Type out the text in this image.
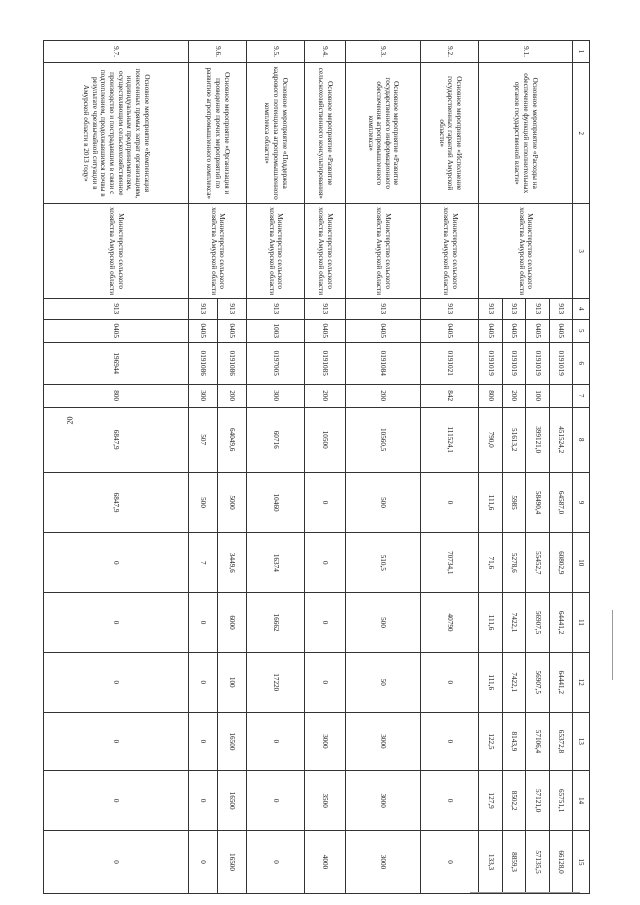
20
1	2	3	4	5	6	7	8	9	10	11	12	13	14	15
9.1.	Основное мероприятие «Расходы на обеспечение функций исполнительных органов государственной власти»	Министерство сельского хозяйства Амурской области	913	0405	0191019		451524,2	64587,0	60802,9	64441,2	64441,2	65372,8	65751,1	66128,0
			913	0405	0191019	100	399121,0	58490,4	55452,7	56907,5	56907,5	57106,4	57121,0	57135,5
			913	0405	0191019	200	51613,2	5985	5278,6	7422,1	7422,1	8143,9	8502,2	8859,3
			913	0405	0191019	800	790,0	111,6	71,6	111,6	111,6	122,5	127,9	133,3
9.2.	Основное мероприятие «Исполнение государственных гарантий Амурской области»	Министерство сельского хозяйства Амурской области	913	0405	0191021	842	111524,1	0	70734,1	40790	0	0	0	0
9.3.	Основное мероприятие «Развитие государственного информационного обеспечения агропромышленного комплекса»	Министерство сельского хозяйства Амурской области	913	0405	0191084	200	10560,5	500	510,5	500	50	3000	3000	3000
9.4.	Основное мероприятие «Развитие сельскохозяйственного консультирования»	Министерство сельского хозяйства Амурской области	913	0405	0191085	200	10500	0	0	0	0	3000	3500	4000
9.5.	Основное мероприятие «Поддержка кадрового потенциала агропромышленного комплекса области»	Министерство сельского хозяйства Амурской области	913	1003	0197005	300	60716	10460	16374	16662	17220	0	0	0
9.6.	Основное мероприятие «Организация и проведение прочих мероприятий по развитию агропромышленного комплекса»	Министерство сельского хозяйства Амурской области	913	0405	0191086	200	64049,6	5000	3449,6	6000	100	16500	16500	16500
			913	0405	0191086	300	507	500	7	0	0	0	0	0
9.7.	Основное мероприятие «Компенсация понесенных прямых затрат организациям, индивидуальным предпринимателям, осуществляющим сельскохозяйственное производство и пострадавшим в связи с подтоплением, продолжавшимся почвы в результате чрезвычайной ситуации в Амурской области в 2013 году»	Министерство сельского хозяйства Амурской области	913	0405	196944	800	6847,9	6847,9	0	0	0	0	0	0
